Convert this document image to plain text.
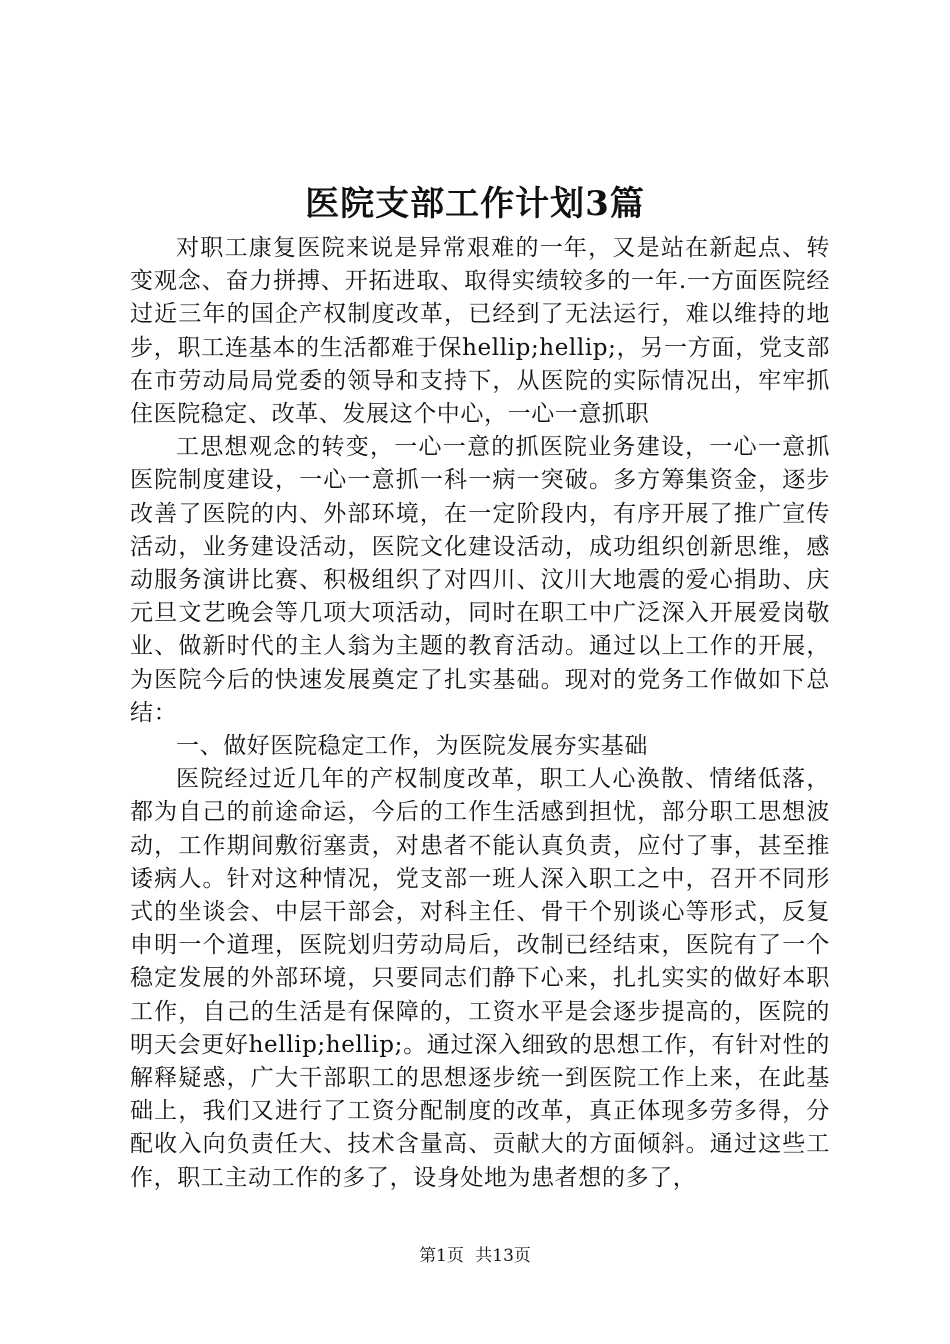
医院支部工作计划3篇

对职工康复医院来说是异常艰难的一年，又是站在新起点、转变观念、奋力拼搏、开拓进取、取得实绩较多的一年.一方面医院经过近三年的国企产权制度改革，已经到了无法运行，难以维持的地步，职工连基本的生活都难于保hellip;hellip;，另一方面，党支部在市劳动局局党委的领导和支持下，从医院的实际情况出，牢牢抓住医院稳定、改革、发展这个中心，一心一意抓职

工思想观念的转变，一心一意的抓医院业务建设，一心一意抓医院制度建设，一心一意抓一科一病一突破。多方筹集资金，逐步改善了医院的内、外部环境，在一定阶段内，有序开展了推广宣传活动，业务建设活动，医院文化建设活动，成功组织创新思维，感动服务演讲比赛、积极组织了对四川、汶川大地震的爱心捐助、庆元旦文艺晚会等几项大项活动，同时在职工中广泛深入开展爱岗敬业、做新时代的主人翁为主题的教育活动。通过以上工作的开展，为医院今后的快速发展奠定了扎实基础。现对的党务工作做如下总结：

一、做好医院稳定工作，为医院发展夯实基础

医院经过近几年的产权制度改革，职工人心涣散、情绪低落，都为自己的前途命运，今后的工作生活感到担忧，部分职工思想波动，工作期间敷衍塞责，对患者不能认真负责，应付了事，甚至推诿病人。针对这种情况，党支部一班人深入职工之中，召开不同形式的坐谈会、中层干部会，对科主任、骨干个别谈心等形式，反复申明一个道理，医院划归劳动局后，改制已经结束，医院有了一个稳定发展的外部环境，只要同志们静下心来，扎扎实实的做好本职工作，自己的生活是有保障的，工资水平是会逐步提高的，医院的明天会更好hellip;hellip;。通过深入细致的思想工作，有针对性的解释疑惑，广大干部职工的思想逐步统一到医院工作上来，在此基础上，我们又进行了工资分配制度的改革，真正体现多劳多得，分配收入向负责任大、技术含量高、贡献大的方面倾斜。通过这些工作，职工主动工作的多了，设身处地为患者想的多了，

第1页 共13页
